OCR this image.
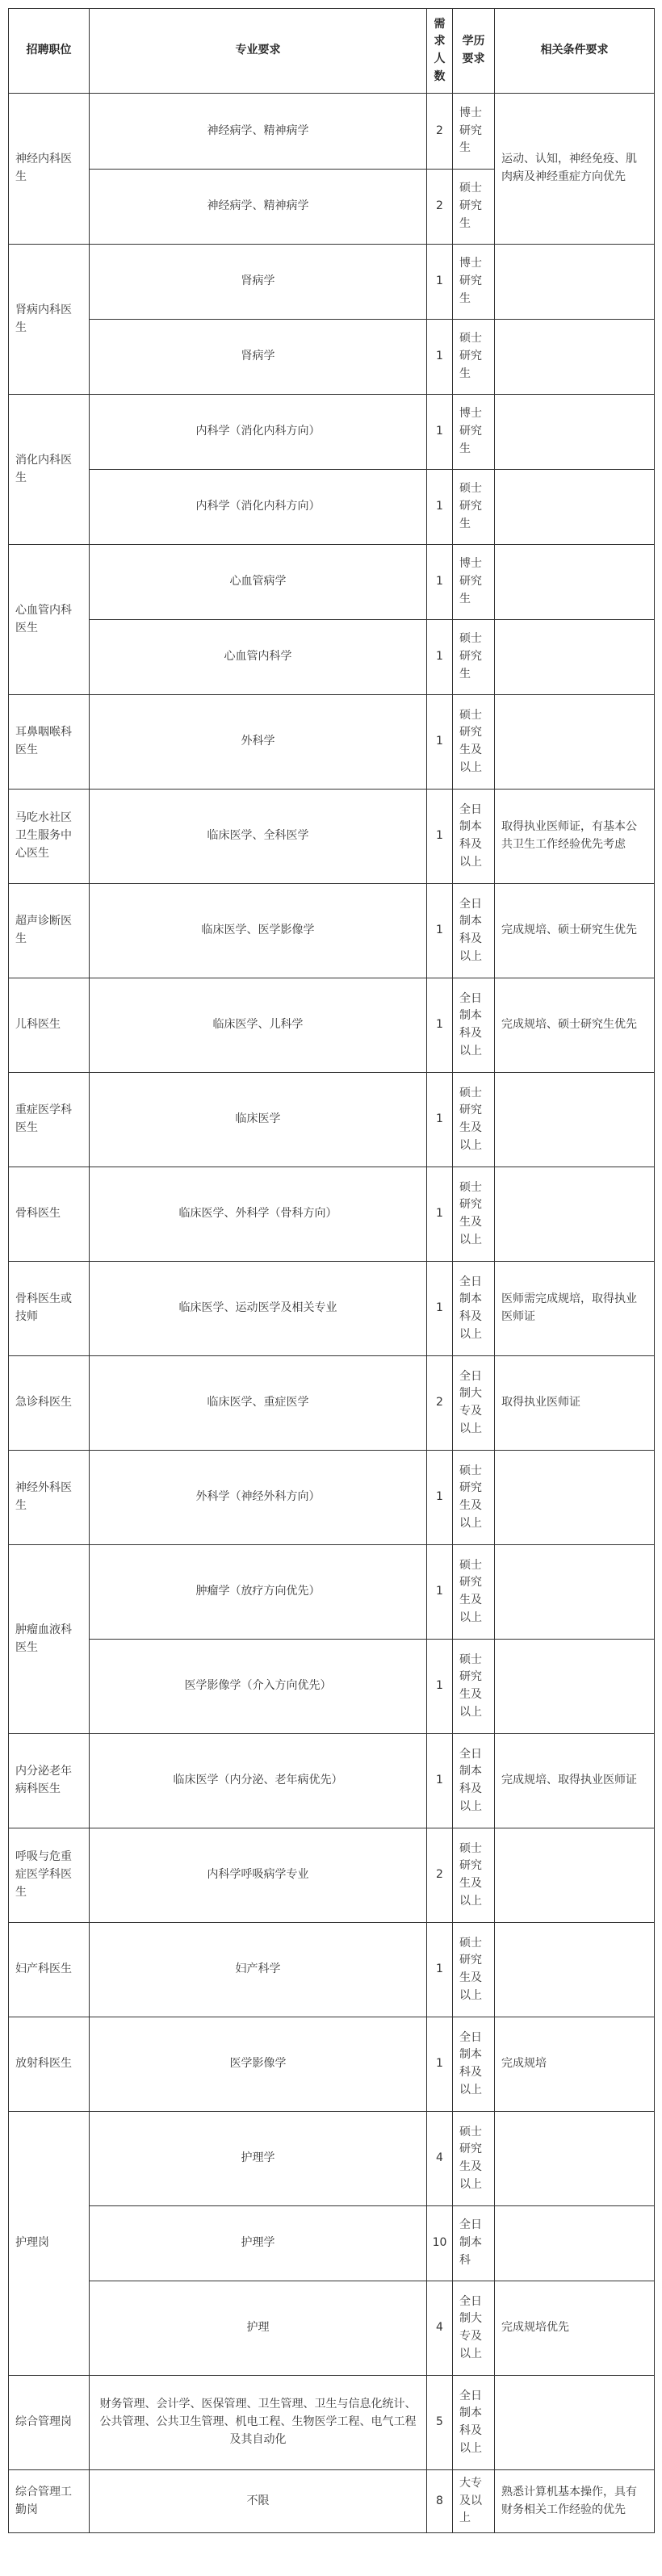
招聘职位	专业要求	需求人数	学历要求	相关条件要求
神经内科医生	神经病学、精神病学	2	博士研究生	运动、认知，神经免疫、肌肉病及神经重症方向优先
	神经病学、精神病学	2	硕士研究生	
肾病内科医生	肾病学	1	博士研究生	
	肾病学	1	硕士研究生	
消化内科医生	内科学（消化内科方向）	1	博士研究生	
	内科学（消化内科方向）	1	硕士研究生	
心血管内科医生	心血管病学	1	博士研究生	
	心血管内科学	1	硕士研究生	
耳鼻咽喉科医生	外科学	1	硕士研究生及以上	
马吃水社区卫生服务中心医生	临床医学、全科医学	1	全日制本科及以上	取得执业医师证，有基本公共卫生工作经验优先考虑
超声诊断医生	临床医学、医学影像学	1	全日制本科及以上	完成规培、硕士研究生优先
儿科医生	临床医学、儿科学	1	全日制本科及以上	完成规培、硕士研究生优先
重症医学科医生	临床医学	1	硕士研究生及以上	
骨科医生	临床医学、外科学（骨科方向）	1	硕士研究生及以上	
骨科医生或技师	临床医学、运动医学及相关专业	1	全日制本科及以上	医师需完成规培，取得执业医师证
急诊科医生	临床医学、重症医学	2	全日制大专及以上	取得执业医师证
神经外科医生	外科学（神经外科方向）	1	硕士研究生及以上	
肿瘤血液科医生	肿瘤学（放疗方向优先）	1	硕士研究生及以上	
	医学影像学（介入方向优先）	1	硕士研究生及以上	
内分泌老年病科医生	临床医学（内分泌、老年病优先）	1	全日制本科及以上	完成规培、取得执业医师证
呼吸与危重症医学科医生	内科学呼吸病学专业	2	硕士研究生及以上	
妇产科医生	妇产科学	1	硕士研究生及以上	
放射科医生	医学影像学	1	全日制本科及以上	完成规培
护理岗	护理学	4	硕士研究生及以上	
	护理学	10	全日制本科	
	护理	4	全日制大专及以上	完成规培优先
综合管理岗	财务管理、会计学、医保管理、卫生管理、卫生与信息化统计、公共管理、公共卫生管理、机电工程、生物医学工程、电气工程及其自动化	5	全日制本科及以上	
综合管理工勤岗	不限	8	大专及以上	熟悉计算机基本操作，具有财务相关工作经验的优先
